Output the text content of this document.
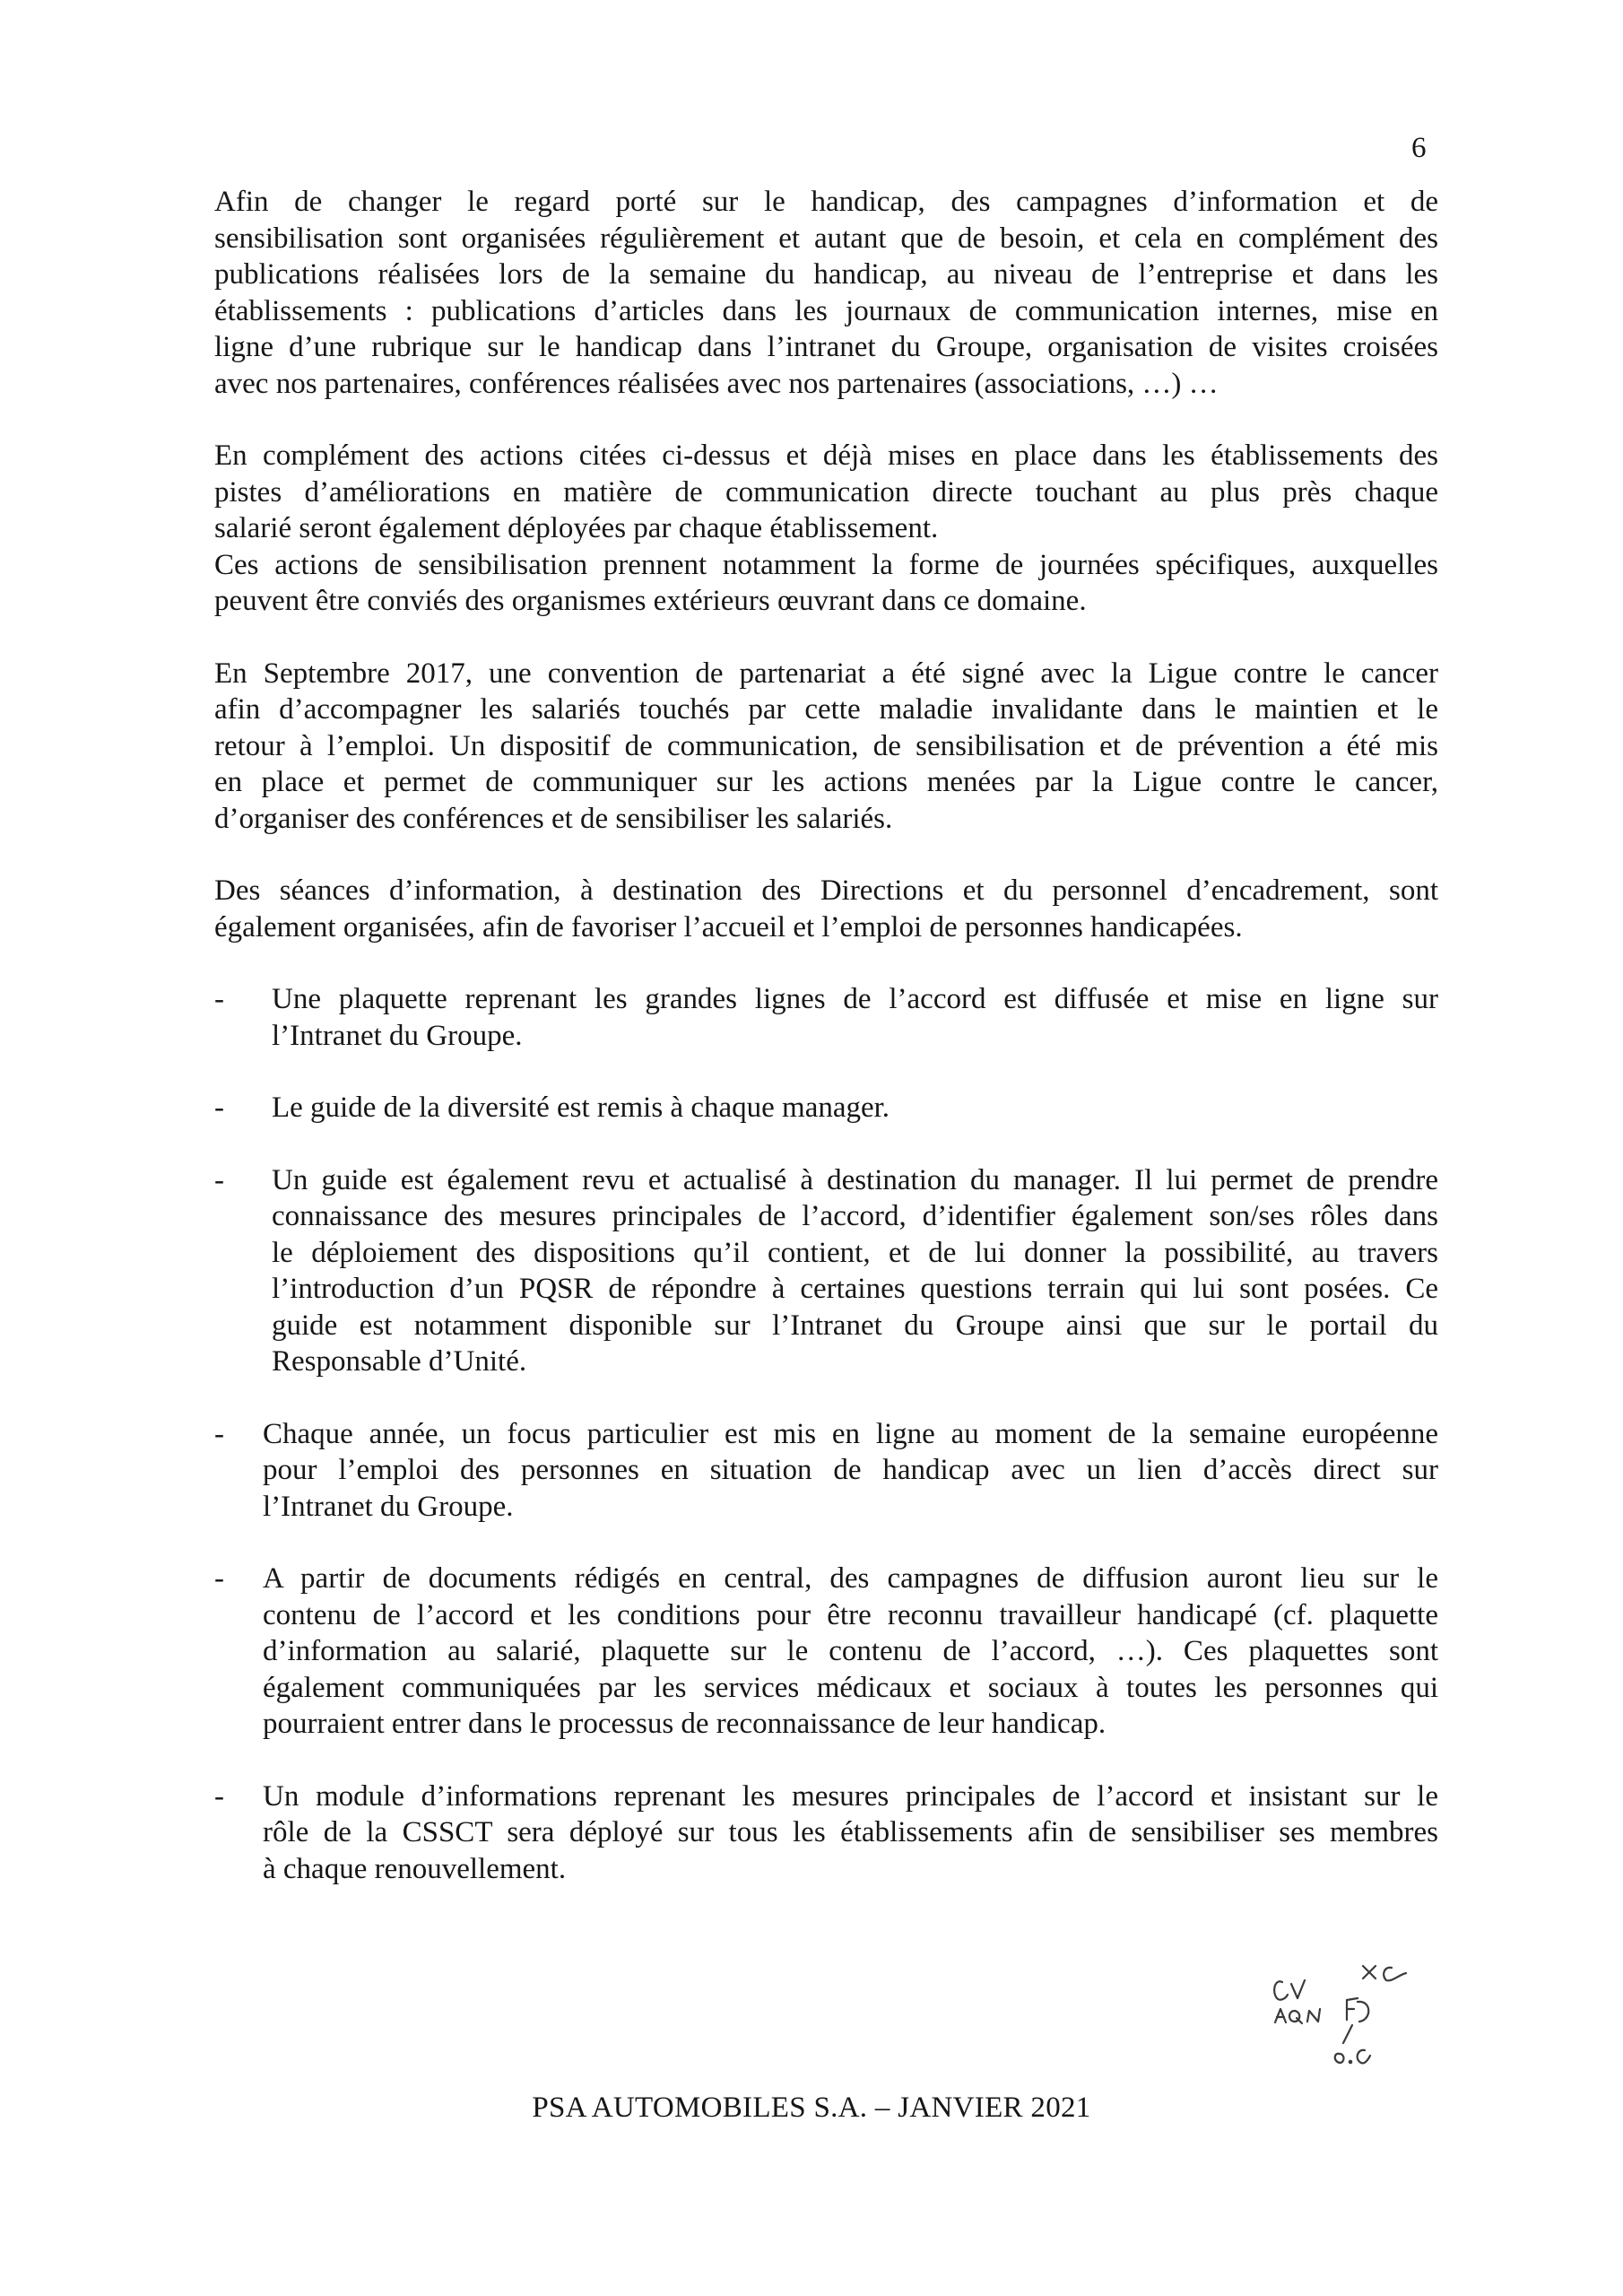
6
Afin de changer le regard porté sur le handicap, des campagnes d’information et de
sensibilisation sont organisées régulièrement et autant que de besoin, et cela en complément des
publications réalisées lors de la semaine du handicap, au niveau de l’entreprise et dans les
établissements : publications d’articles dans les journaux de communication internes, mise en
ligne d’une rubrique sur le handicap dans l’intranet du Groupe, organisation de visites croisées
avec nos partenaires, conférences réalisées avec nos partenaires (associations, …) …
En complément des actions citées ci-dessus et déjà mises en place dans les établissements des
pistes d’améliorations en matière de communication directe touchant au plus près chaque
salarié seront également déployées par chaque établissement.
Ces actions de sensibilisation prennent notamment la forme de journées spécifiques, auxquelles
peuvent être conviés des organismes extérieurs œuvrant dans ce domaine.
En Septembre 2017, une convention de partenariat a été signé avec la Ligue contre le cancer
afin d’accompagner les salariés touchés par cette maladie invalidante dans le maintien et le
retour à l’emploi. Un dispositif de communication, de sensibilisation et de prévention a été mis
en place et permet de communiquer sur les actions menées par la Ligue contre le cancer,
d’organiser des conférences et de sensibiliser les salariés.
Des séances d’information, à destination des Directions et du personnel d’encadrement, sont
également organisées, afin de favoriser l’accueil et l’emploi de personnes handicapées.
- Une plaquette reprenant les grandes lignes de l’accord est diffusée et mise en ligne sur
l’Intranet du Groupe.
- Le guide de la diversité est remis à chaque manager.
- Un guide est également revu et actualisé à destination du manager. Il lui permet de prendre
connaissance des mesures principales de l’accord, d’identifier également son/ses rôles dans
le déploiement des dispositions qu’il contient, et de lui donner la possibilité, au travers
l’introduction d’un PQSR de répondre à certaines questions terrain qui lui sont posées. Ce
guide est notamment disponible sur l’Intranet du Groupe ainsi que sur le portail du
Responsable d’Unité.
- Chaque année, un focus particulier est mis en ligne au moment de la semaine européenne
pour l’emploi des personnes en situation de handicap avec un lien d’accès direct sur
l’Intranet du Groupe.
- A partir de documents rédigés en central, des campagnes de diffusion auront lieu sur le
contenu de l’accord et les conditions pour être reconnu travailleur handicapé (cf. plaquette
d’information au salarié, plaquette sur le contenu de l’accord, …). Ces plaquettes sont
également communiquées par les services médicaux et sociaux à toutes les personnes qui
pourraient entrer dans le processus de reconnaissance de leur handicap.
- Un module d’informations reprenant les mesures principales de l’accord et insistant sur le
rôle de la CSSCT sera déployé sur tous les établissements afin de sensibiliser ses membres
à chaque renouvellement.
PSA AUTOMOBILES S.A. – JANVIER 2021
